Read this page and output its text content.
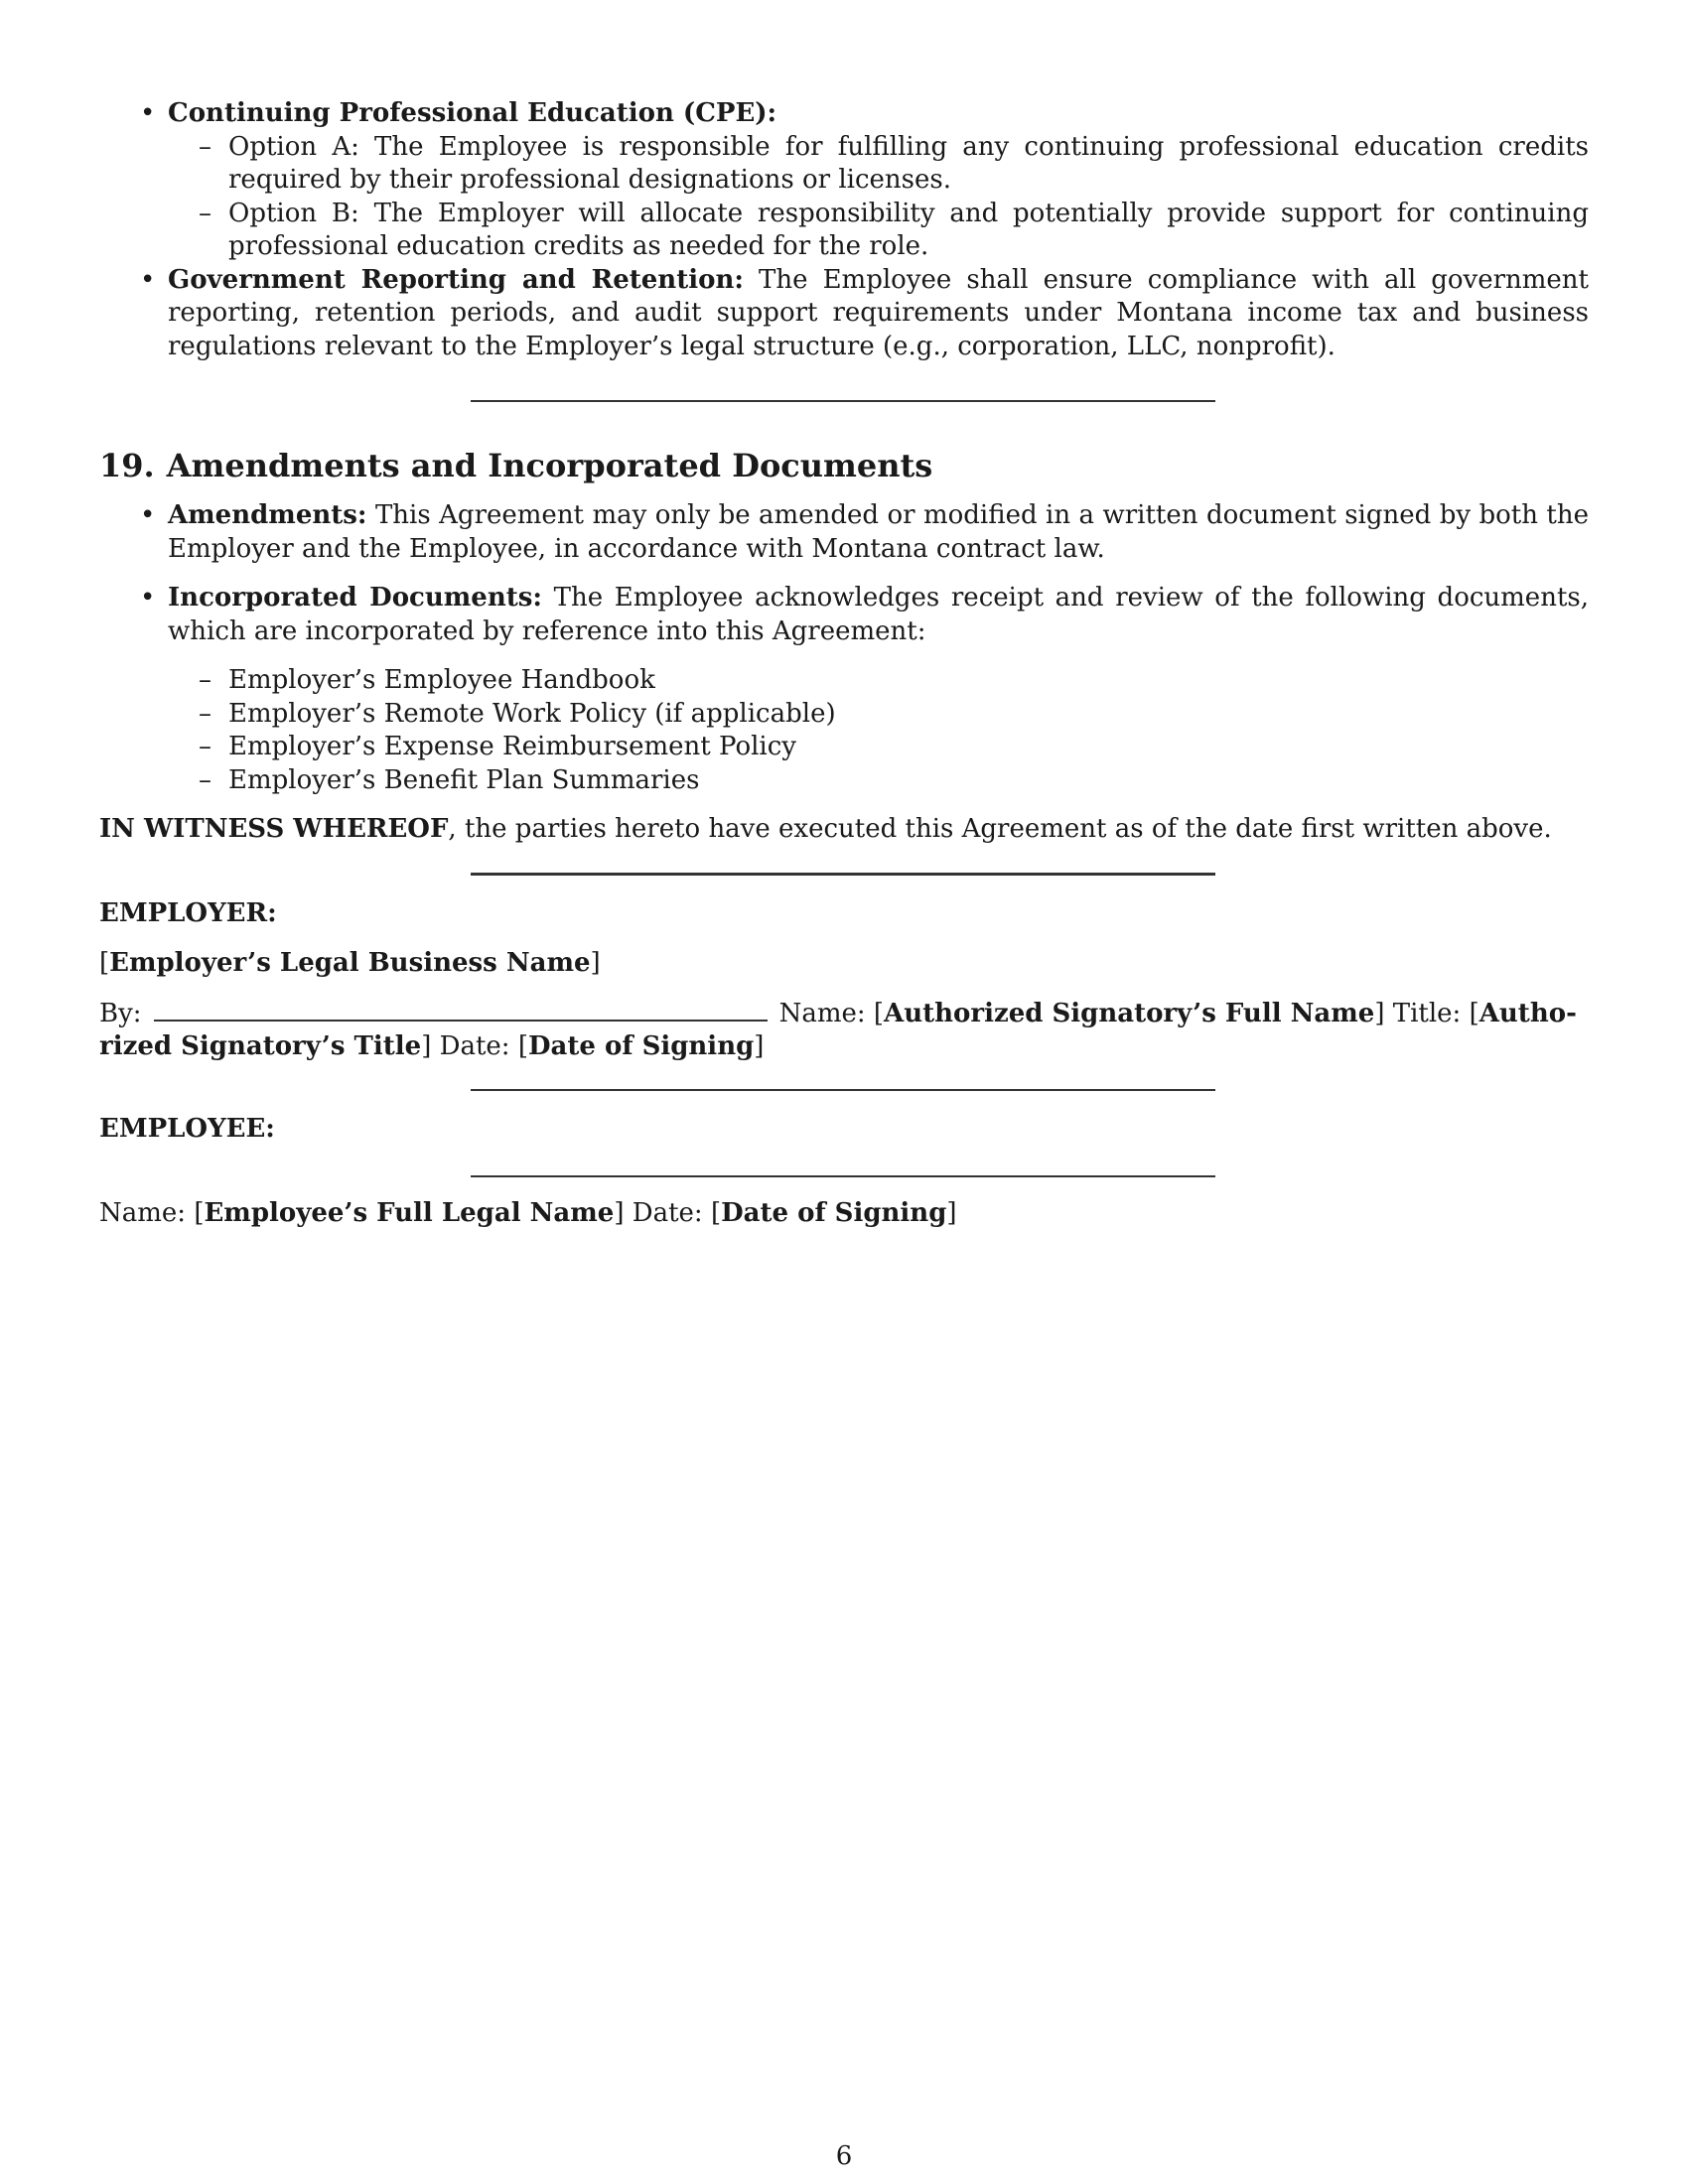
• Continuing Professional Education (CPE):
– Option A: The Employee is responsible for fulfilling any continuing professional education credits required by their professional designations or licenses.
– Option B: The Employer will allocate responsibility and potentially provide support for continuing professional education credits as needed for the role.
• Government Reporting and Retention: The Employee shall ensure compliance with all government reporting, retention periods, and audit support requirements under Montana income tax and business regulations relevant to the Employer’s legal structure (e.g., corporation, LLC, nonprofit).
19. Amendments and Incorporated Documents
• Amendments: This Agreement may only be amended or modified in a written document signed by both the Employer and the Employee, in accordance with Montana contract law.
• Incorporated Documents: The Employee acknowledges receipt and review of the following documents, which are incorporated by reference into this Agreement:
– Employer’s Employee Handbook
– Employer’s Remote Work Policy (if applicable)
– Employer’s Expense Reimbursement Policy
– Employer’s Benefit Plan Summaries

IN WITNESS WHEREOF, the parties hereto have executed this Agreement as of the date first written above.

EMPLOYER:

[Employer’s Legal Business Name]

By:	Name: [Authorized Signatory’s Full Name] Title: [Autho-
rized Signatory’s Title] Date: [Date of Signing]

EMPLOYEE:

Name: [Employee’s Full Legal Name] Date: [Date of Signing]

6
